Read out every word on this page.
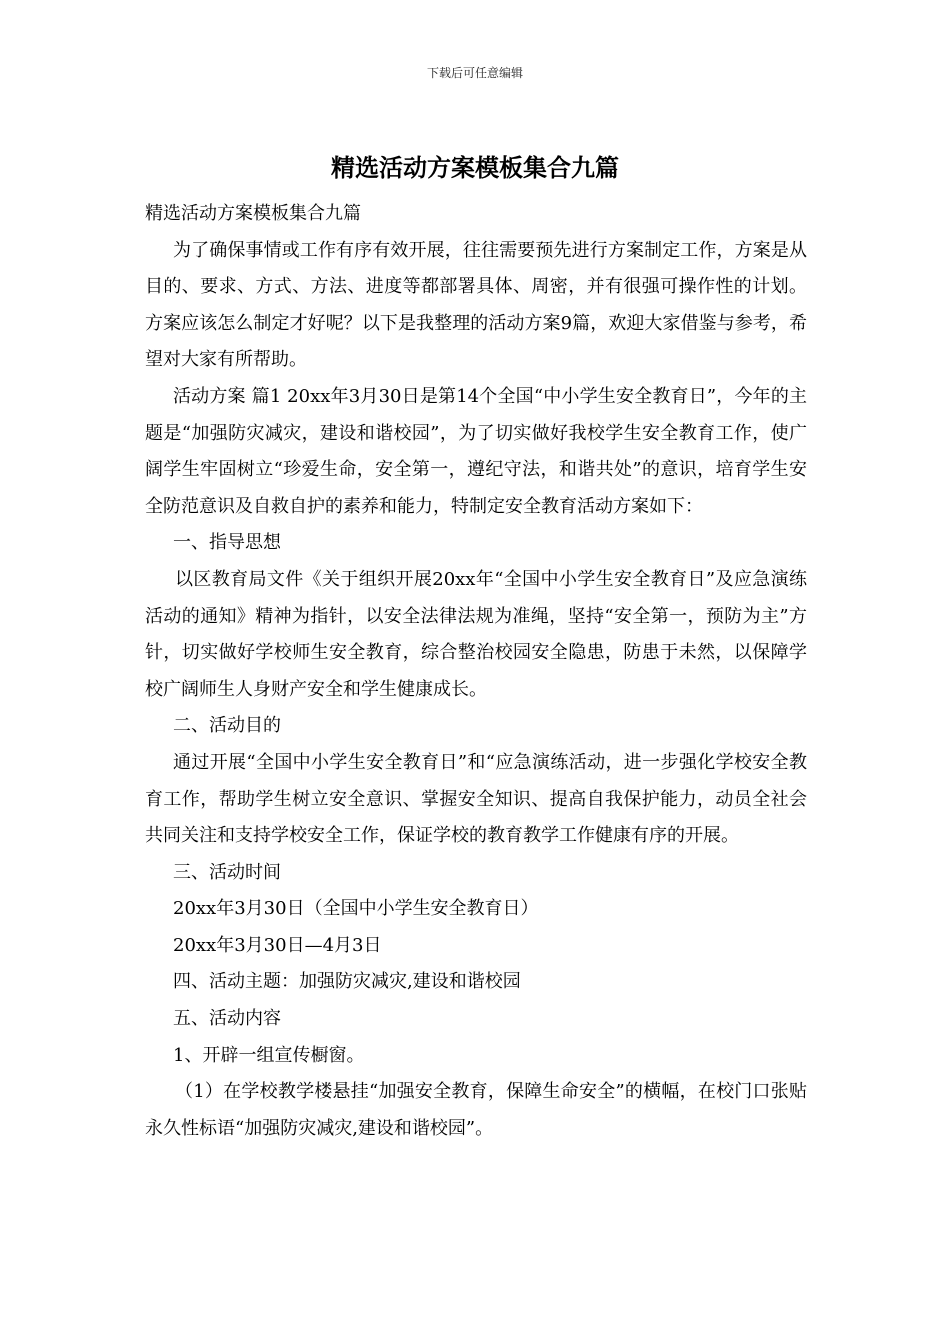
下载后可任意编辑
精选活动方案模板集合九篇

精选活动方案模板集合九篇

为了确保事情或工作有序有效开展，往往需要预先进行方案制定工作，方案是从目的、要求、方式、方法、进度等都部署具体、周密，并有很强可操作性的计划。方案应该怎么制定才好呢？以下是我整理的活动方案9篇，欢迎大家借鉴与参考，希望对大家有所帮助。

活动方案 篇1 20xx年3月30日是第14个全国“中小学生安全教育日”，今年的主题是“加强防灾减灾，建设和谐校园”，为了切实做好我校学生安全教育工作，使广阔学生牢固树立“珍爱生命，安全第一，遵纪守法，和谐共处”的意识，培育学生安全防范意识及自救自护的素养和能力，特制定安全教育活动方案如下：

一、指导思想

以区教育局文件《关于组织开展20xx年“全国中小学生安全教育日”及应急演练活动的通知》精神为指针，以安全法律法规为准绳，坚持“安全第一，预防为主”方针，切实做好学校师生安全教育，综合整治校园安全隐患，防患于未然，以保障学校广阔师生人身财产安全和学生健康成长。

二、活动目的

通过开展“全国中小学生安全教育日”和“应急演练活动，进一步强化学校安全教育工作，帮助学生树立安全意识、掌握安全知识、提高自我保护能力，动员全社会共同关注和支持学校安全工作，保证学校的教育教学工作健康有序的开展。

三、活动时间

20xx年3月30日（全国中小学生安全教育日）

20xx年3月30日—4月3日

四、活动主题：加强防灾减灾,建设和谐校园

五、活动内容

1、开辟一组宣传橱窗。

（1）在学校教学楼悬挂“加强安全教育，保障生命安全”的横幅，在校门口张贴永久性标语“加强防灾减灾,建设和谐校园”。
